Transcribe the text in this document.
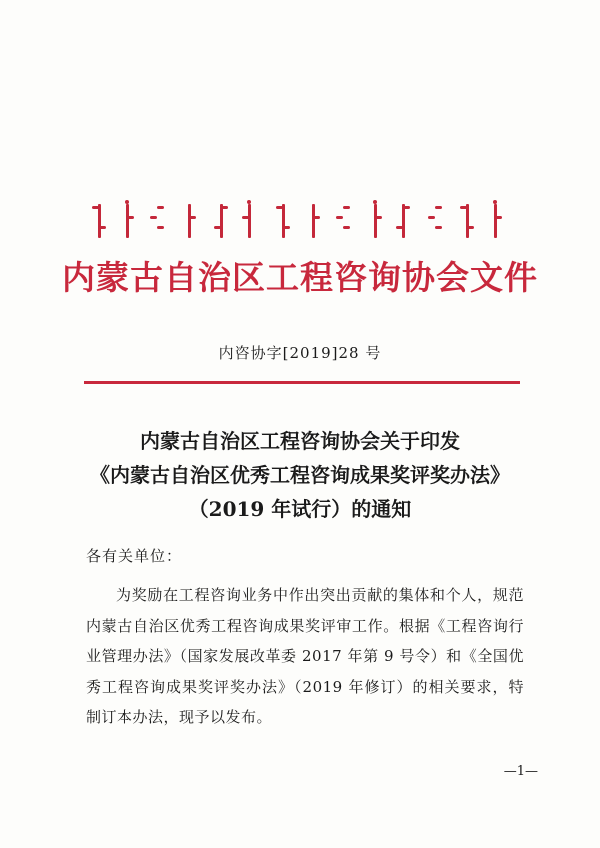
内蒙古自治区工程咨询协会文件
内咨协字[2019]28 号
内蒙古自治区工程咨询协会关于印发
《内蒙古自治区优秀工程咨询成果奖评奖办法》
（2019 年试行）的通知
各有关单位：
为奖励在工程咨询业务中作出突出贡献的集体和个人，规范内蒙古自治区优秀工程咨询成果奖评审工作。根据《工程咨询行业管理办法》（国家发展改革委 2017 年第 9 号令）和《全国优秀工程咨询成果奖评奖办法》（2019 年修订）的相关要求，特制订本办法，现予以发布。
—1—
